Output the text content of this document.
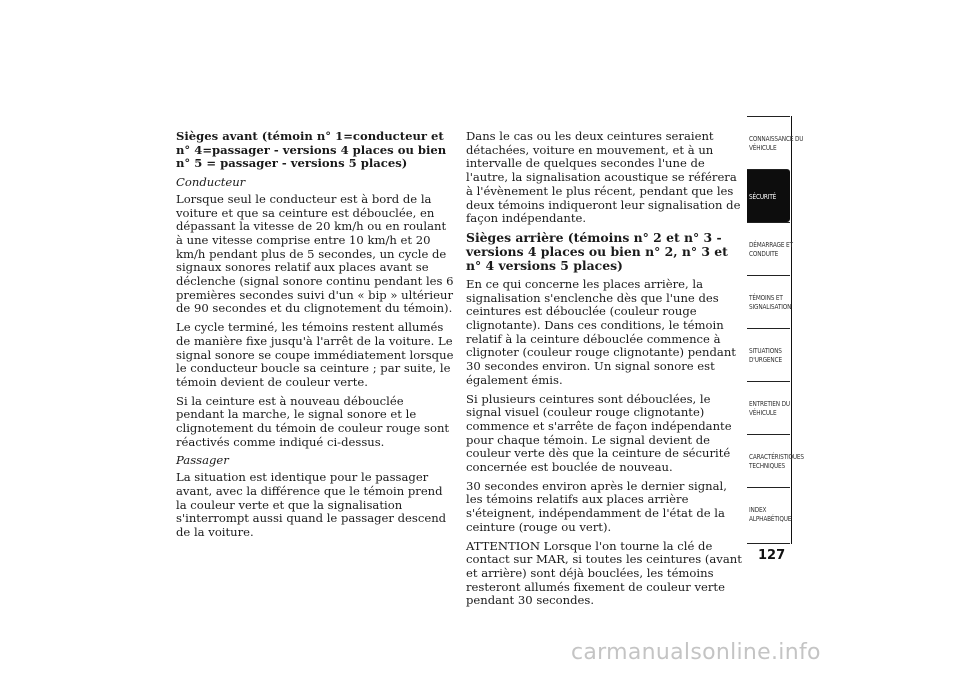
Sièges avant (témoin n° 1=conducteur et n° 4=passager - versions 4 places ou bien n° 5 = passager - versions 5 places)

Conducteur

Lorsque seul le conducteur est à bord de la voiture et que sa ceinture est débouclée, en dépassant la vitesse de 20 km/h ou en roulant à une vitesse comprise entre 10 km/h et 20 km/h pendant plus de 5 secondes, un cycle de signaux sonores relatif aux places avant se déclenche (signal sonore continu pendant les 6 premières secondes suivi d'un « bip » ultérieur de 90 secondes et du clignotement du témoin).

Le cycle terminé, les témoins restent allumés de manière fixe jusqu'à l'arrêt de la voiture. Le signal sonore se coupe immédiatement lorsque le conducteur boucle sa ceinture ; par suite, le témoin devient de couleur verte.

Si la ceinture est à nouveau débouclée pendant la marche, le signal sonore et le clignotement du témoin de couleur rouge sont réactivés comme indiqué ci-dessus.

Passager

La situation est identique pour le passager avant, avec la différence que le témoin prend la couleur verte et que la signalisation s'interrompt aussi quand le passager descend de la voiture.

Dans le cas ou les deux ceintures seraient détachées, voiture en mouvement, et à un intervalle de quelques secondes l'une de l'autre, la signalisation acoustique se référera à l'évènement le plus récent, pendant que les deux témoins indiqueront leur signalisation de façon indépendante.

Sièges arrière (témoins n° 2 et n° 3 - versions 4 places ou bien n° 2, n° 3 et n° 4 versions 5 places)

En ce qui concerne les places arrière, la signalisation s'enclenche dès que l'une des ceintures est débouclée (couleur rouge clignotante). Dans ces conditions, le témoin relatif à la ceinture débouclée commence à clignoter (couleur rouge clignotante) pendant 30 secondes environ. Un signal sonore est également émis.

Si plusieurs ceintures sont débouclées, le signal visuel (couleur rouge clignotante) commence et s'arrête de façon indépendante pour chaque témoin. Le signal devient de couleur verte dès que la ceinture de sécurité concernée est bouclée de nouveau.

30 secondes environ après le dernier signal, les témoins relatifs aux places arrière s'éteignent, indépendamment de l'état de la ceinture (rouge ou vert).

ATTENTION Lorsque l'on tourne la clé de contact sur MAR, si toutes les ceintures (avant et arrière) sont déjà bouclées, les témoins resteront allumés fixement de couleur verte pendant 30 secondes.

CONNAISSANCE DU
VÉHICULE
SÉCURITÉ
DÉMARRAGE ET
CONDUITE
TÉMOINS ET
SIGNALISATION
SITUATIONS
D'URGENCE
ENTRETIEN DU
VÉHICULE
CARACTÉRISTIQUES
TECHNIQUES
INDEX
ALPHABÉTIQUE
127
carmanualsonline.info
